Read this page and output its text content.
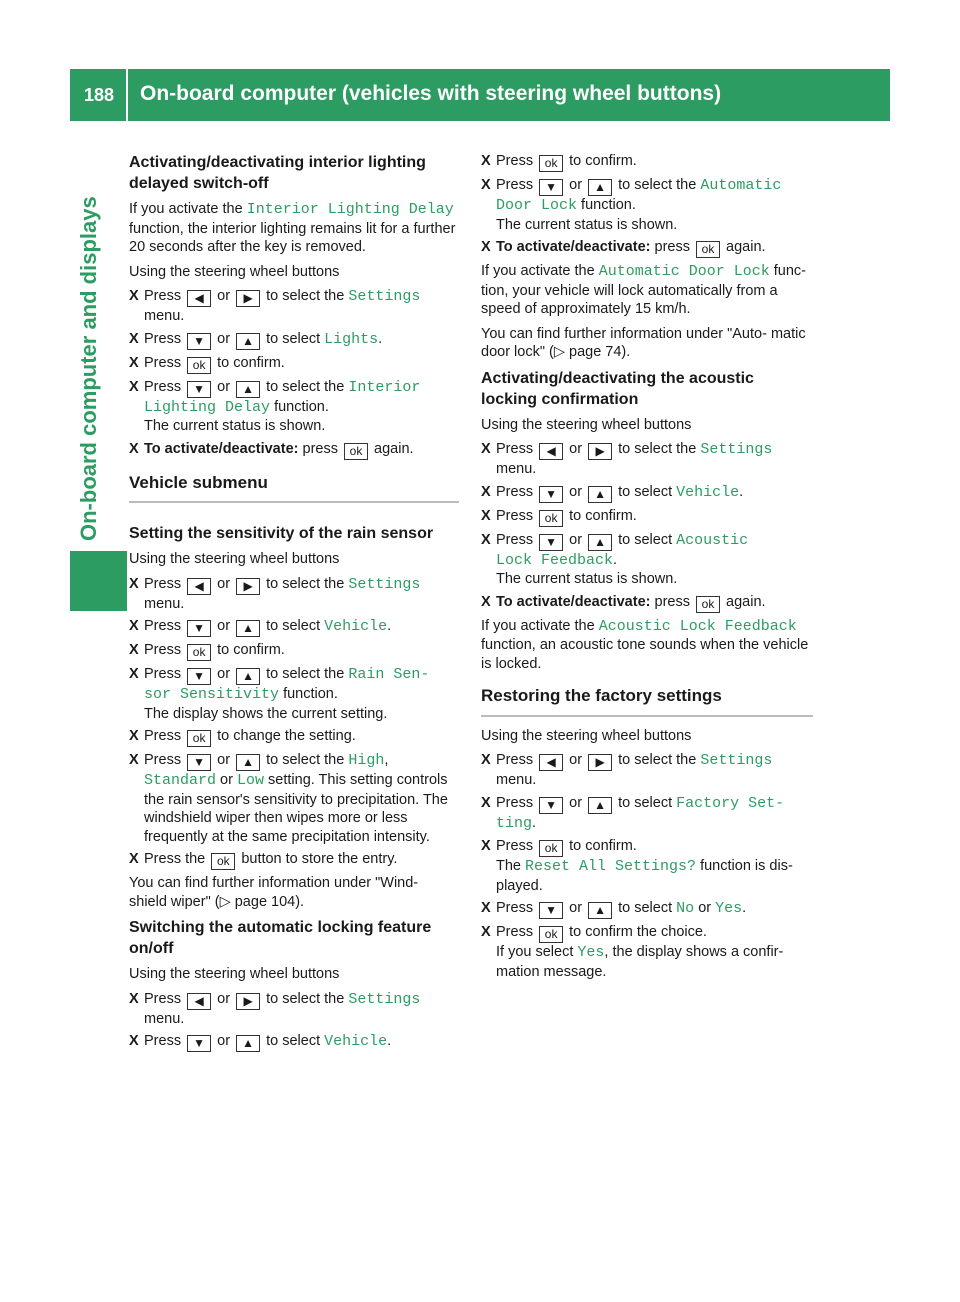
188 On-board computer (vehicles with steering wheel buttons)
On-board computer and displays
Activating/deactivating interior lighting delayed switch-off

If you activate the Interior Lighting Delay function, the interior lighting remains lit for a further 20 seconds after the key is removed.

Using the steering wheel buttons

X Press ◀ or ▶ to select the Settings
menu.
X Press ▼ or ▲ to select Lights.
X Press ok to confirm.
X Press ▼ or ▲ to select the Interior
Lighting Delay function.
The current status is shown.
X To activate/deactivate: press ok again.
Vehicle submenu
Setting the sensitivity of the rain sensor

Using the steering wheel buttons

X Press ◀ or ▶ to select the Settings
menu.
X Press ▼ or ▲ to select Vehicle.
X Press ok to confirm.
X Press ▼ or ▲ to select the Rain Sen‐
sor Sensitivity function.
The display shows the current setting.
X Press ok to change the setting.
X Press ▼ or ▲ to select the High,
Standard or Low setting. This setting controls the rain sensor's sensitivity to precipitation. The windshield wiper then wipes more or less frequently at the same precipitation intensity.
X Press the ok button to store the entry.

You can find further information under "Wind- shield wiper" (▷ page 104).

Switching the automatic locking feature on/off

Using the steering wheel buttons

X Press ◀ or ▶ to select the Settings
menu.
X Press ▼ or ▲ to select Vehicle.
X Press ok to confirm.
X Press ▼ or ▲ to select the Automatic
Door Lock function.
The current status is shown.
X To activate/deactivate: press ok again.

If you activate the Automatic Door Lock func- tion, your vehicle will lock automatically from a speed of approximately 15 km/h.

You can find further information under "Auto- matic door lock" (▷ page 74).

Activating/deactivating the acoustic locking confirmation

Using the steering wheel buttons

X Press ◀ or ▶ to select the Settings
menu.
X Press ▼ or ▲ to select Vehicle.
X Press ok to confirm.
X Press ▼ or ▲ to select Acoustic
Lock Feedback.
The current status is shown.
X To activate/deactivate: press ok again.

If you activate the Acoustic Lock Feedback function, an acoustic tone sounds when the vehicle is locked.

Restoring the factory settings

Using the steering wheel buttons

X Press ◀ or ▶ to select the Settings
menu.
X Press ▼ or ▲ to select Factory Set‐
ting.
X Press ok to confirm.
The Reset All Settings? function is dis- played.
X Press ▼ or ▲ to select No or Yes.
X Press ok to confirm the choice.
If you select Yes, the display shows a confir- mation message.
